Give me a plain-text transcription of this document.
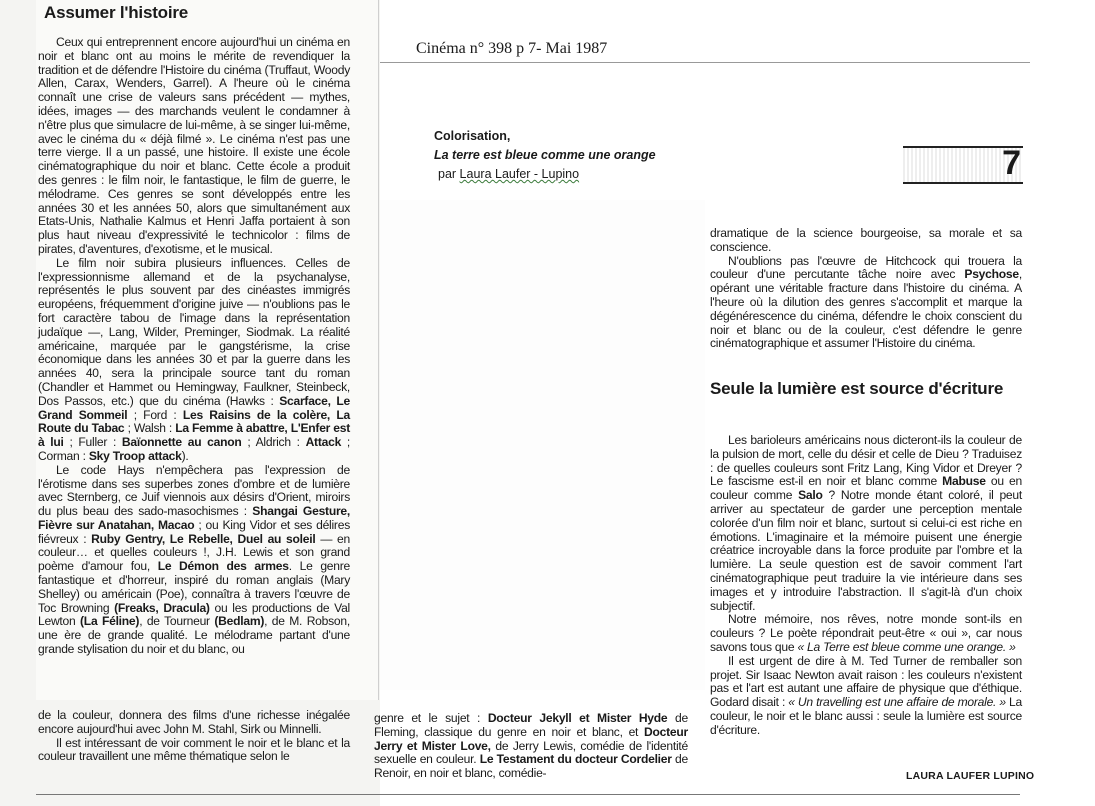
Assumer l'histoire
Cinéma n° 398 p 7- Mai 1987
Colorisation,
La terre est bleue comme une orange
par Laura Laufer - Lupino	7

Ceux qui entreprennent encore aujourd'hui un cinéma en noir et blanc ont au moins le mérite de revendiquer la tradition et de défendre l'Histoire du cinéma (Truffaut, Woody Allen, Carax, Wenders, Garrel). A l'heure où le cinéma connaît une crise de valeurs sans précédent — mythes, idées, images — des marchands veulent le condamner à n'être plus que simulacre de lui-même, à se singer lui-même, avec le cinéma du « déjà filmé ». Le cinéma n'est pas une terre vierge. Il a un passé, une histoire. Il existe une école cinématographique du noir et blanc. Cette école a produit des genres : le film noir, le fantastique, le film de guerre, le mélodrame. Ces genres se sont développés entre les années 30 et les années 50, alors que simultanément aux Etats-Unis, Nathalie Kalmus et Henri Jaffa portaient à son plus haut niveau d'expressivité le technicolor : films de pirates, d'aventures, d'exotisme, et le musical.

Le film noir subira plusieurs influences. Celles de l'expressionnisme allemand et de la psychanalyse, représentés le plus souvent par des cinéastes immigrés européens, fréquemment d'origine juive — n'oublions pas le fort caractère tabou de l'image dans la représentation judaïque —, Lang, Wilder, Preminger, Siodmak. La réalité américaine, marquée par le gangstérisme, la crise économique dans les années 30 et par la guerre dans les années 40, sera la principale source tant du roman (Chandler et Hammet ou Hemingway, Faulkner, Steinbeck, Dos Passos, etc.) que du cinéma (Hawks : Scarface, Le Grand Sommeil ; Ford : Les Raisins de la colère, La Route du Tabac ; Walsh : La Femme à abattre, L'Enfer est à lui ; Fuller : Baïonnette au canon ; Aldrich : Attack ; Corman : Sky Troop attack).

Le code Hays n'empêchera pas l'expression de l'érotisme dans ses superbes zones d'ombre et de lumière avec Sternberg, ce Juif viennois aux désirs d'Orient, miroirs du plus beau des sado-masochismes : Shangai Gesture, Fièvre sur Anatahan, Macao ; ou King Vidor et ses délires fiévreux : Ruby Gentry, Le Rebelle, Duel au soleil — en couleur… et quelles couleurs !, J.H. Lewis et son grand poème d'amour fou, Le Démon des armes. Le genre fantastique et d'horreur, inspiré du roman anglais (Mary Shelley) ou américain (Poe), connaîtra à travers l'œuvre de Toc Browning (Freaks, Dracula) ou les productions de Val Lewton (La Féline), de Tourneur (Bedlam), de M. Robson, une ère de grande qualité. Le mélodrame partant d'une grande stylisation du noir et du blanc, ou

de la couleur, donnera des films d'une richesse inégalée encore aujourd'hui avec John M. Stahl, Sirk ou Minnelli.

Il est intéressant de voir comment le noir et le blanc et la couleur travaillent une même thématique selon le

genre et le sujet : Docteur Jekyll et Mister Hyde de Fleming, classique du genre en noir et blanc, et Docteur Jerry et Mister Love, de Jerry Lewis, comédie de l'identité sexuelle en couleur. Le Testament du docteur Cordelier de Renoir, en noir et blanc, comédie-

dramatique de la science bourgeoise, sa morale et sa conscience.

N'oublions pas l'œuvre de Hitchcock qui trouera la couleur d'une percutante tâche noire avec Psychose, opérant une véritable fracture dans l'histoire du cinéma. A l'heure où la dilution des genres s'accomplit et marque la dégénérescence du cinéma, défendre le choix conscient du noir et blanc ou de la couleur, c'est défendre le genre cinématographique et assumer l'Histoire du cinéma.

Seule la lumière est source d'écriture

Les barioleurs américains nous dicteront-ils la couleur de la pulsion de mort, celle du désir et celle de Dieu ? Traduisez : de quelles couleurs sont Fritz Lang, King Vidor et Dreyer ? Le fascisme est-il en noir et blanc comme Mabuse ou en couleur comme Salo ? Notre monde étant coloré, il peut arriver au spectateur de garder une perception mentale colorée d'un film noir et blanc, surtout si celui-ci est riche en émotions. L'imaginaire et la mémoire puisent une énergie créatrice incroyable dans la force produite par l'ombre et la lumière. La seule question est de savoir comment l'art cinématographique peut traduire la vie intérieure dans ses images et y introduire l'abstraction. Il s'agit-là d'un choix subjectif.

Notre mémoire, nos rêves, notre monde sont-ils en couleurs ? Le poète répondrait peut-être « oui », car nous savons tous que « La Terre est bleue comme une orange. »

Il est urgent de dire à M. Ted Turner de remballer son projet. Sir Isaac Newton avait raison : les couleurs n'existent pas et l'art est autant une affaire de physique que d'éthique. Godard disait : « Un travelling est une affaire de morale. » La couleur, le noir et le blanc aussi : seule la lumière est source d'écriture.

LAURA LAUFER LUPINO
